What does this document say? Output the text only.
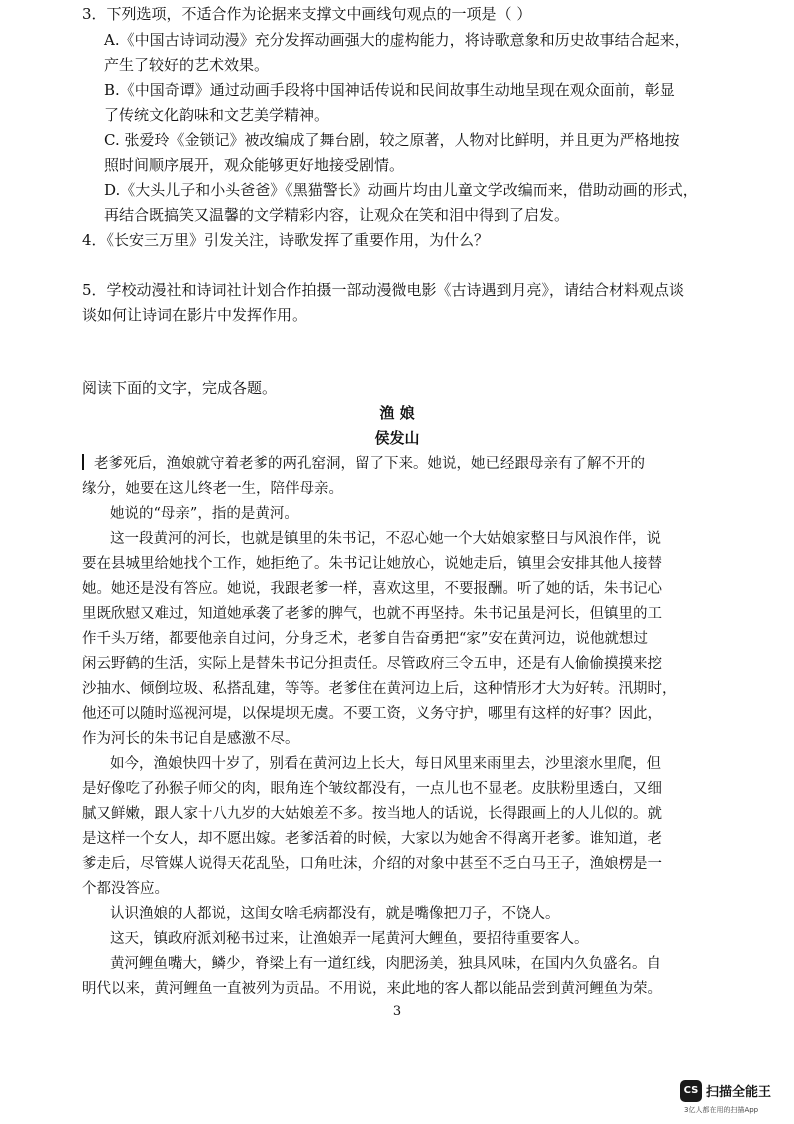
3．下列选项，不适合作为论据来支撑文中画线句观点的一项是（ ）
A.《中国古诗词动漫》充分发挥动画强大的虚构能力，将诗歌意象和历史故事结合起来，
产生了较好的艺术效果。
B.《中国奇谭》通过动画手段将中国神话传说和民间故事生动地呈现在观众面前，彰显
了传统文化韵味和文艺美学精神。
C. 张爱玲《金锁记》被改编成了舞台剧，较之原著，人物对比鲜明，并且更为严格地按
照时间顺序展开，观众能够更好地接受剧情。
D.《大头儿子和小头爸爸》《黑猫警长》动画片均由儿童文学改编而来，借助动画的形式，
再结合既搞笑又温馨的文学精彩内容，让观众在笑和泪中得到了启发。
4．《长安三万里》引发关注，诗歌发挥了重要作用，为什么？
5．学校动漫社和诗词社计划合作拍摄一部动漫微电影《古诗遇到月亮》，请结合材料观点谈
谈如何让诗词在影片中发挥作用。
阅读下面的文字，完成各题。
渔 娘
侯发山
老爹死后，渔娘就守着老爹的两孔窑洞，留了下来。她说，她已经跟母亲有了解不开的
缘分，她要在这儿终老一生，陪伴母亲。
她说的“母亲”，指的是黄河。
这一段黄河的河长，也就是镇里的朱书记，不忍心她一个大姑娘家整日与风浪作伴，说
要在县城里给她找个工作，她拒绝了。朱书记让她放心，说她走后，镇里会安排其他人接替
她。她还是没有答应。她说，我跟老爹一样，喜欢这里，不要报酬。听了她的话，朱书记心
里既欣慰又难过，知道她承袭了老爹的脾气，也就不再坚持。朱书记虽是河长，但镇里的工
作千头万绪，都要他亲自过问，分身乏术，老爹自告奋勇把“家”安在黄河边，说他就想过
闲云野鹤的生活，实际上是替朱书记分担责任。尽管政府三令五申，还是有人偷偷摸摸来挖
沙抽水、倾倒垃圾、私搭乱建，等等。老爹住在黄河边上后，这种情形才大为好转。汛期时，
他还可以随时巡视河堤，以保堤坝无虞。不要工资，义务守护，哪里有这样的好事？因此，
作为河长的朱书记自是感激不尽。
如今，渔娘快四十岁了，别看在黄河边上长大，每日风里来雨里去，沙里滚水里爬，但
是好像吃了孙猴子师父的肉，眼角连个皱纹都没有，一点儿也不显老。皮肤粉里透白，又细
腻又鲜嫩，跟人家十八九岁的大姑娘差不多。按当地人的话说，长得跟画上的人儿似的。就
是这样一个女人，却不愿出嫁。老爹活着的时候，大家以为她舍不得离开老爹。谁知道，老
爹走后，尽管媒人说得天花乱坠，口角吐沫，介绍的对象中甚至不乏白马王子，渔娘楞是一
个都没答应。
认识渔娘的人都说，这闺女啥毛病都没有，就是嘴像把刀子，不饶人。
这天，镇政府派刘秘书过来，让渔娘弄一尾黄河大鲤鱼，要招待重要客人。
黄河鲤鱼嘴大，鳞少，脊梁上有一道红线，肉肥汤美，独具风味，在国内久负盛名。自
明代以来，黄河鲤鱼一直被列为贡品。不用说，来此地的客人都以能品尝到黄河鲤鱼为荣。
3
CS 扫描全能王
3亿人都在用的扫描App
